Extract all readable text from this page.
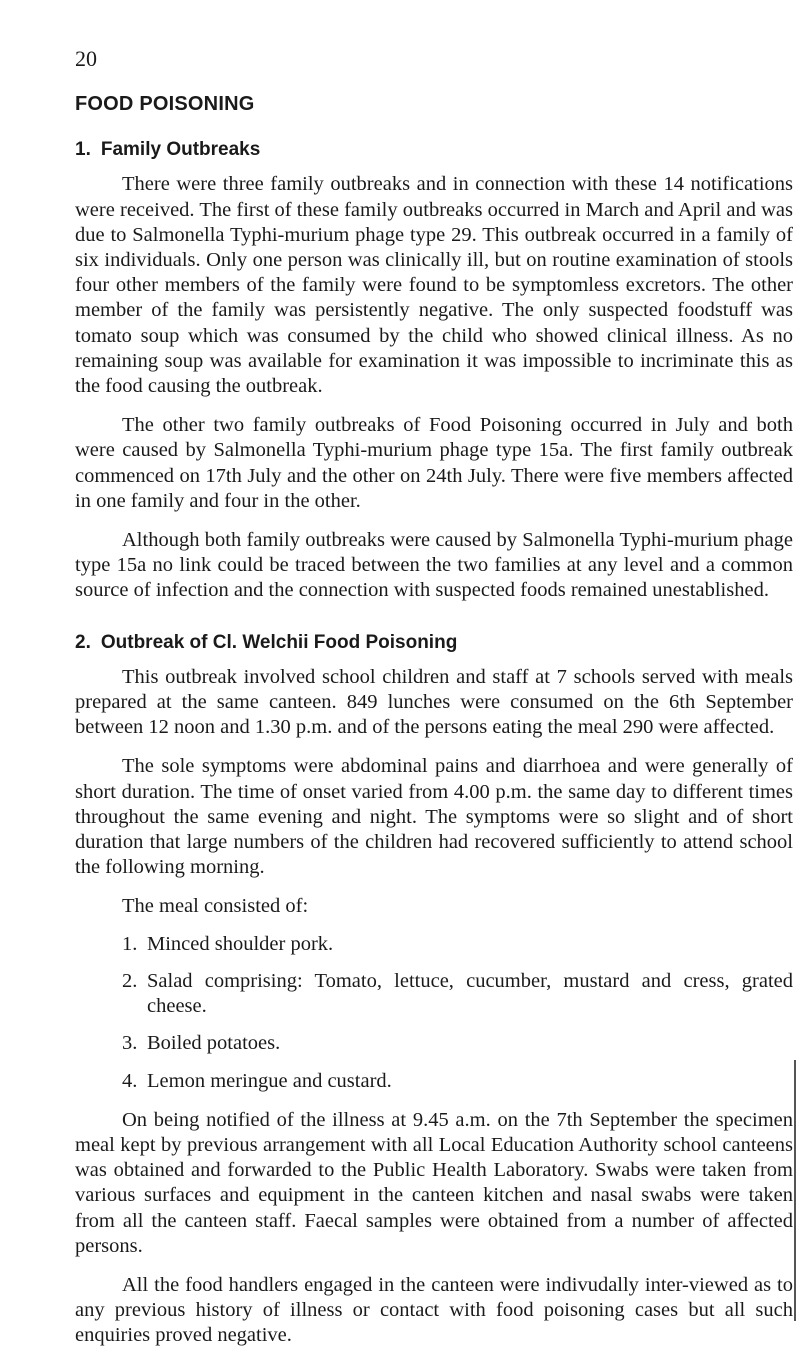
20
FOOD POISONING
1. Family Outbreaks

There were three family outbreaks and in connection with these 14 notifications were received. The first of these family outbreaks occurred in March and April and was due to Salmonella Typhi-murium phage type 29. This outbreak occurred in a family of six individuals. Only one person was clinically ill, but on routine examination of stools four other members of the family were found to be symptomless excretors. The other member of the family was persistently negative. The only suspected foodstuff was tomato soup which was consumed by the child who showed clinical illness. As no remaining soup was available for examination it was impossible to incriminate this as the food causing the outbreak.

The other two family outbreaks of Food Poisoning occurred in July and both were caused by Salmonella Typhi-murium phage type 15a. The first family outbreak commenced on 17th July and the other on 24th July. There were five members affected in one family and four in the other.

Although both family outbreaks were caused by Salmonella Typhi-murium phage type 15a no link could be traced between the two families at any level and a common source of infection and the connection with suspected foods remained unestablished.

2. Outbreak of Cl. Welchii Food Poisoning

This outbreak involved school children and staff at 7 schools served with meals prepared at the same canteen. 849 lunches were consumed on the 6th September between 12 noon and 1.30 p.m. and of the persons eating the meal 290 were affected.

The sole symptoms were abdominal pains and diarrhoea and were generally of short duration. The time of onset varied from 4.00 p.m. the same day to different times throughout the same evening and night. The symptoms were so slight and of short duration that large numbers of the children had recovered sufficiently to attend school the following morning.

The meal consisted of:

1. Minced shoulder pork.
2. Salad comprising: Tomato, lettuce, cucumber, mustard and cress, grated cheese.
3. Boiled potatoes.
4. Lemon meringue and custard.

On being notified of the illness at 9.45 a.m. on the 7th September the specimen meal kept by previous arrangement with all Local Education Authority school canteens was obtained and forwarded to the Public Health Laboratory. Swabs were taken from various surfaces and equipment in the canteen kitchen and nasal swabs were taken from all the canteen staff. Faecal samples were obtained from a number of affected persons.

All the food handlers engaged in the canteen were indivudally inter-viewed as to any previous history of illness or contact with food poisoning cases but all such enquiries proved negative.
